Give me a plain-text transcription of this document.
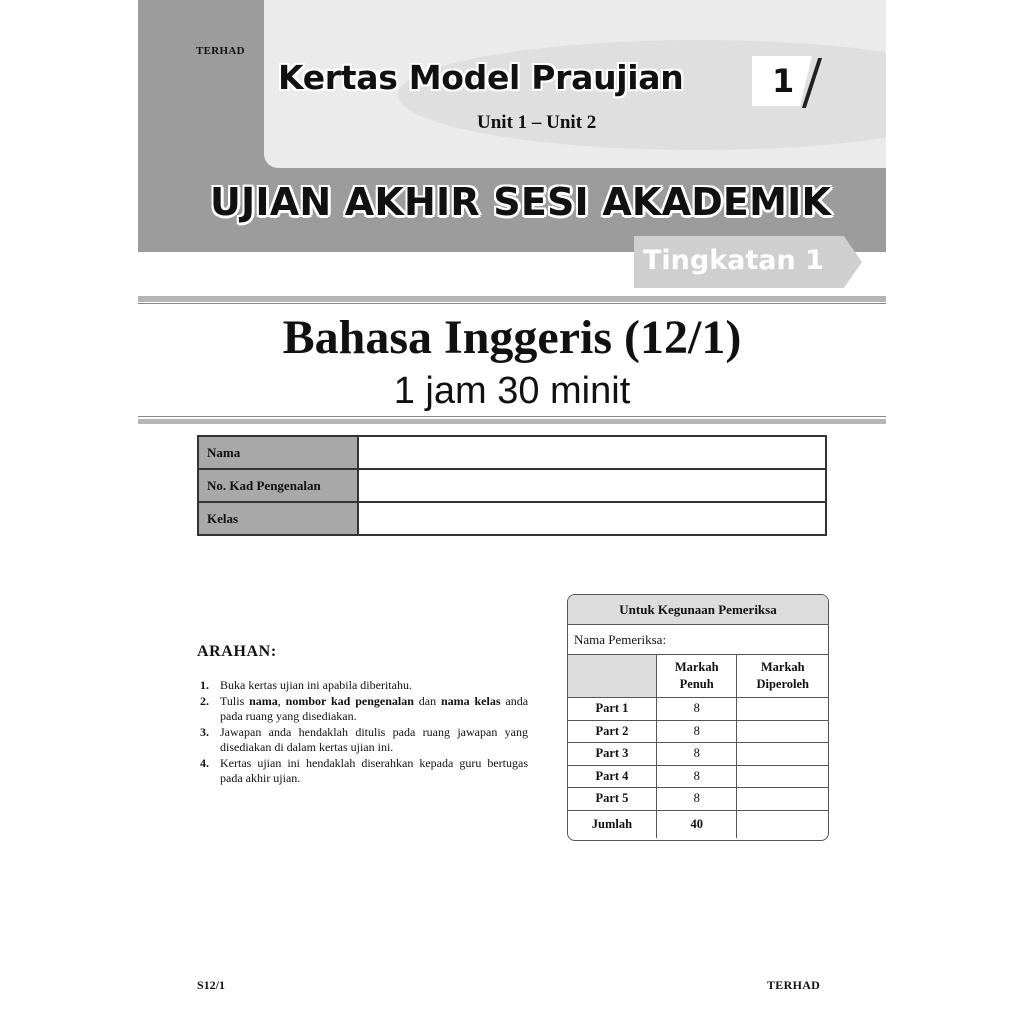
TERHAD
Kertas Model Praujian	1
Unit 1 – Unit 2
UJIAN AKHIR SESI AKADEMIK
Tingkatan 1
Bahasa Inggeris (12/1)
1 jam 30 minit
Nama	
No. Kad Pengenalan	
Kelas	
ARAHAN:
1. Buka kertas ujian ini apabila diberitahu.
2. Tulis nama, nombor kad pengenalan dan nama kelas anda pada ruang yang disediakan.
3. Jawapan anda hendaklah ditulis pada ruang jawapan yang disediakan di dalam kertas ujian ini.
4. Kertas ujian ini hendaklah diserahkan kepada guru bertugas pada akhir ujian.
Untuk Kegunaan Pemeriksa
Nama Pemeriksa:
	Markah Penuh	Markah Diperoleh
Part 1	8	
Part 2	8	
Part 3	8	
Part 4	8	
Part 5	8	
Jumlah	40	
S12/1	TERHAD
